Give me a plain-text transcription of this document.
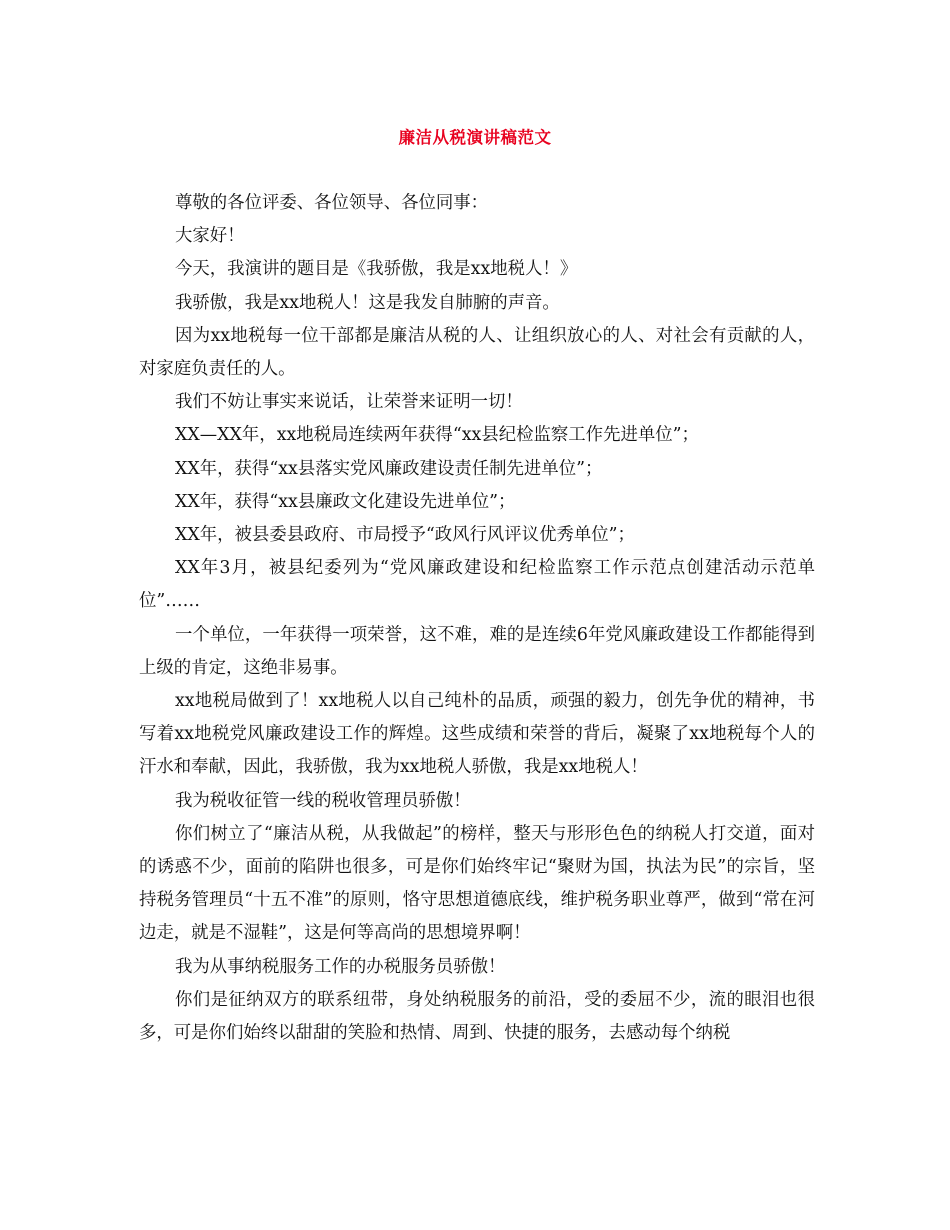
廉洁从税演讲稿范文

尊敬的各位评委、各位领导、各位同事：

大家好！

今天，我演讲的题目是《我骄傲，我是xx地税人！》

我骄傲，我是xx地税人！这是我发自肺腑的声音。

因为xx地税每一位干部都是廉洁从税的人、让组织放心的人、对社会有贡献的人，对家庭负责任的人。

我们不妨让事实来说话，让荣誉来证明一切！

XX—XX年，xx地税局连续两年获得“xx县纪检监察工作先进单位”；

XX年，获得“xx县落实党风廉政建设责任制先进单位”；

XX年，获得“xx县廉政文化建设先进单位”；

XX年，被县委县政府、市局授予“政风行风评议优秀单位”；

XX年3月，被县纪委列为“党风廉政建设和纪检监察工作示范点创建活动示范单位”……

一个单位，一年获得一项荣誉，这不难，难的是连续6年党风廉政建设工作都能得到上级的肯定，这绝非易事。

xx地税局做到了！xx地税人以自己纯朴的品质，顽强的毅力，创先争优的精神，书写着xx地税党风廉政建设工作的辉煌。这些成绩和荣誉的背后，凝聚了xx地税每个人的汗水和奉献，因此，我骄傲，我为xx地税人骄傲，我是xx地税人！

我为税收征管一线的税收管理员骄傲！

你们树立了“廉洁从税，从我做起”的榜样，整天与形形色色的纳税人打交道，面对的诱惑不少，面前的陷阱也很多，可是你们始终牢记“聚财为国，执法为民”的宗旨，坚持税务管理员“十五不准”的原则，恪守思想道德底线，维护税务职业尊严，做到“常在河边走，就是不湿鞋”，这是何等高尚的思想境界啊！

我为从事纳税服务工作的办税服务员骄傲！

你们是征纳双方的联系纽带，身处纳税服务的前沿，受的委屈不少，流的眼泪也很多，可是你们始终以甜甜的笑脸和热情、周到、快捷的服务，去感动每个纳税
